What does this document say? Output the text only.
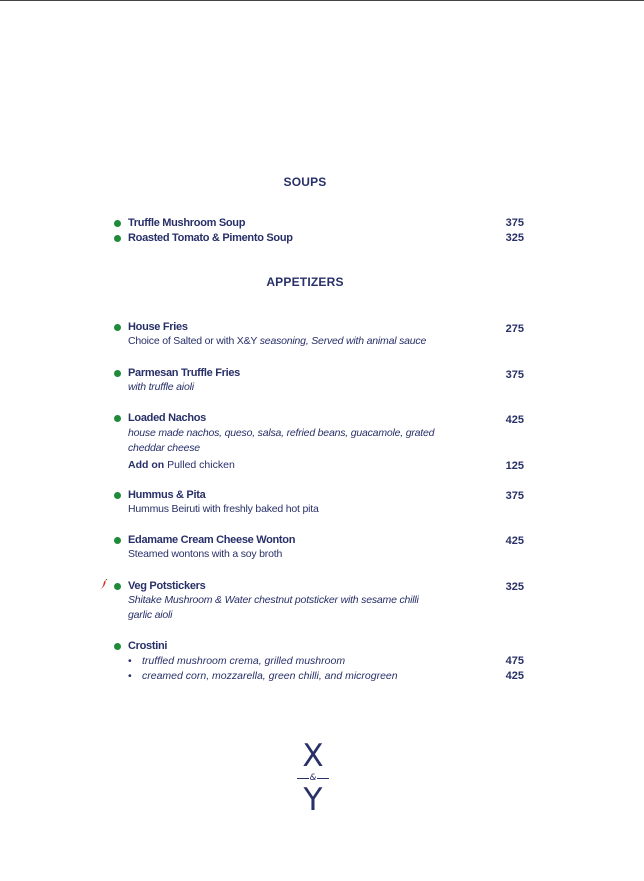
SOUPS
Truffle Mushroom Soup	375
Roasted Tomato & Pimento Soup	325
APPETIZERS
House Fries	275
Choice of Salted or with X&Y seasoning, Served with animal sauce
Parmesan Truffle Fries	375
with truffle aioli
Loaded Nachos	425
house made nachos, queso, salsa, refried beans, guacamole, grated cheddar cheese
Add on Pulled chicken	125
Hummus & Pita	375
Hummus Beiruti with freshly baked hot pita
Edamame Cream Cheese Wonton	425
Steamed wontons with a soy broth
Veg Potstickers	325
Shitake Mushroom & Water chestnut potsticker with sesame chilli garlic aioli
Crostini
• truffled mushroom crema, grilled mushroom	475
• creamed corn, mozzarella, green chilli, and microgreen	425
X
&
Y
